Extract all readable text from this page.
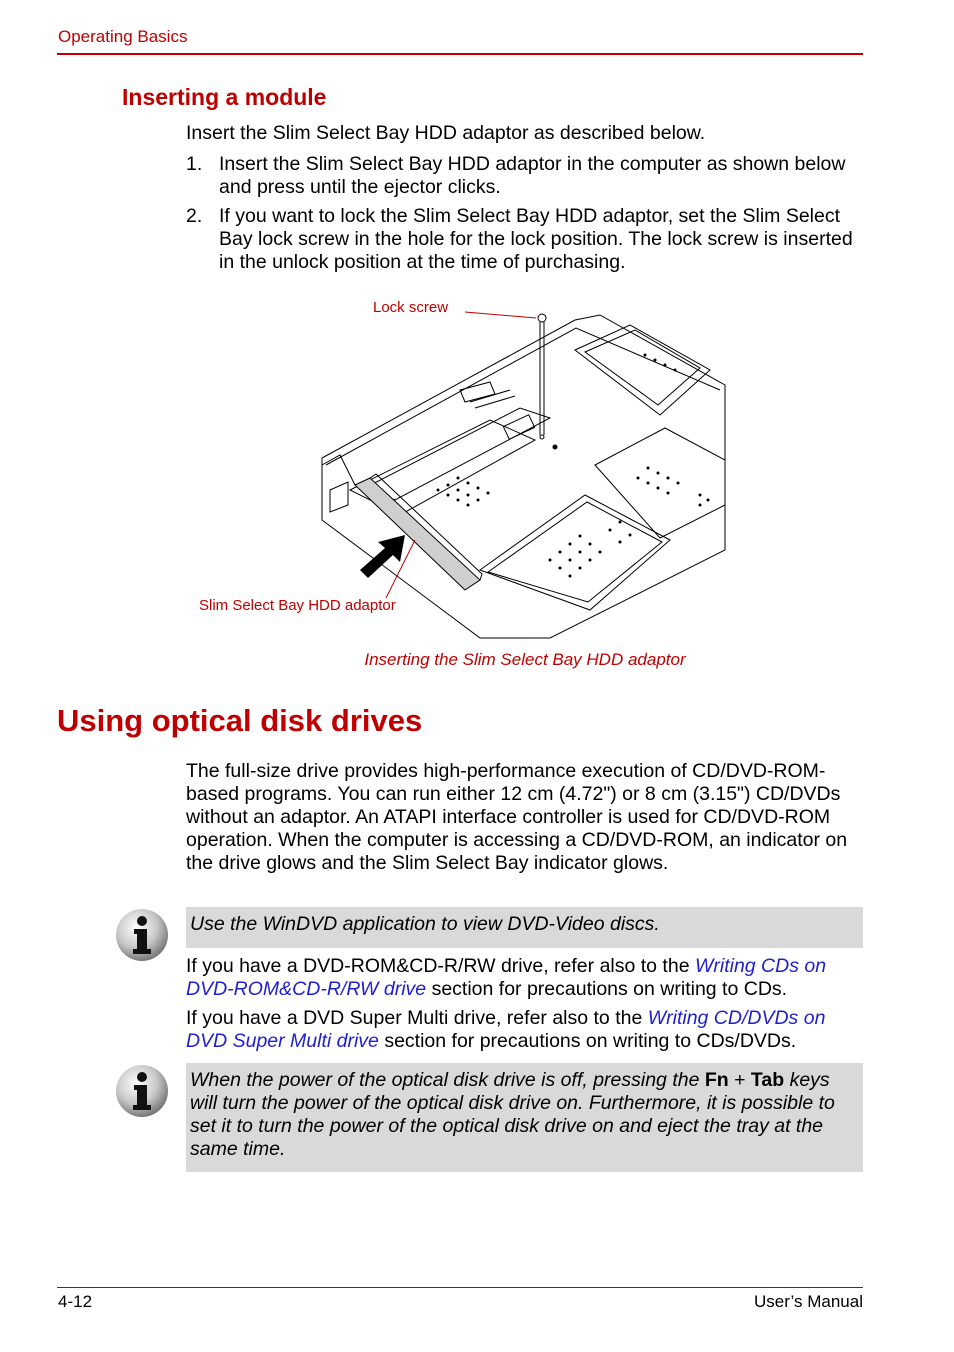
Operating Basics
Inserting a module
Insert the Slim Select Bay HDD adaptor as described below.
1. Insert the Slim Select Bay HDD adaptor in the computer as shown below and press until the ejector clicks.
2. If you want to lock the Slim Select Bay HDD adaptor, set the Slim Select Bay lock screw in the hole for the lock position. The lock screw is inserted in the unlock position at the time of purchasing.
Lock screw
Slim Select Bay HDD adaptor
Inserting the Slim Select Bay HDD adaptor
Using optical disk drives
The full-size drive provides high-performance execution of CD/DVD-ROM-based programs. You can run either 12 cm (4.72") or 8 cm (3.15") CD/DVDs without an adaptor. An ATAPI interface controller is used for CD/DVD-ROM operation. When the computer is accessing a CD/DVD-ROM, an indicator on the drive glows and the Slim Select Bay indicator glows.
Use the WinDVD application to view DVD-Video discs.
If you have a DVD-ROM&CD-R/RW drive, refer also to the Writing CDs on DVD-ROM&CD-R/RW drive section for precautions on writing to CDs.
If you have a DVD Super Multi drive, refer also to the Writing CD/DVDs on DVD Super Multi drive section for precautions on writing to CDs/DVDs.
When the power of the optical disk drive is off, pressing the Fn + Tab keys will turn the power of the optical disk drive on. Furthermore, it is possible to set it to turn the power of the optical disk drive on and eject the tray at the same time.
4-12	User’s Manual
